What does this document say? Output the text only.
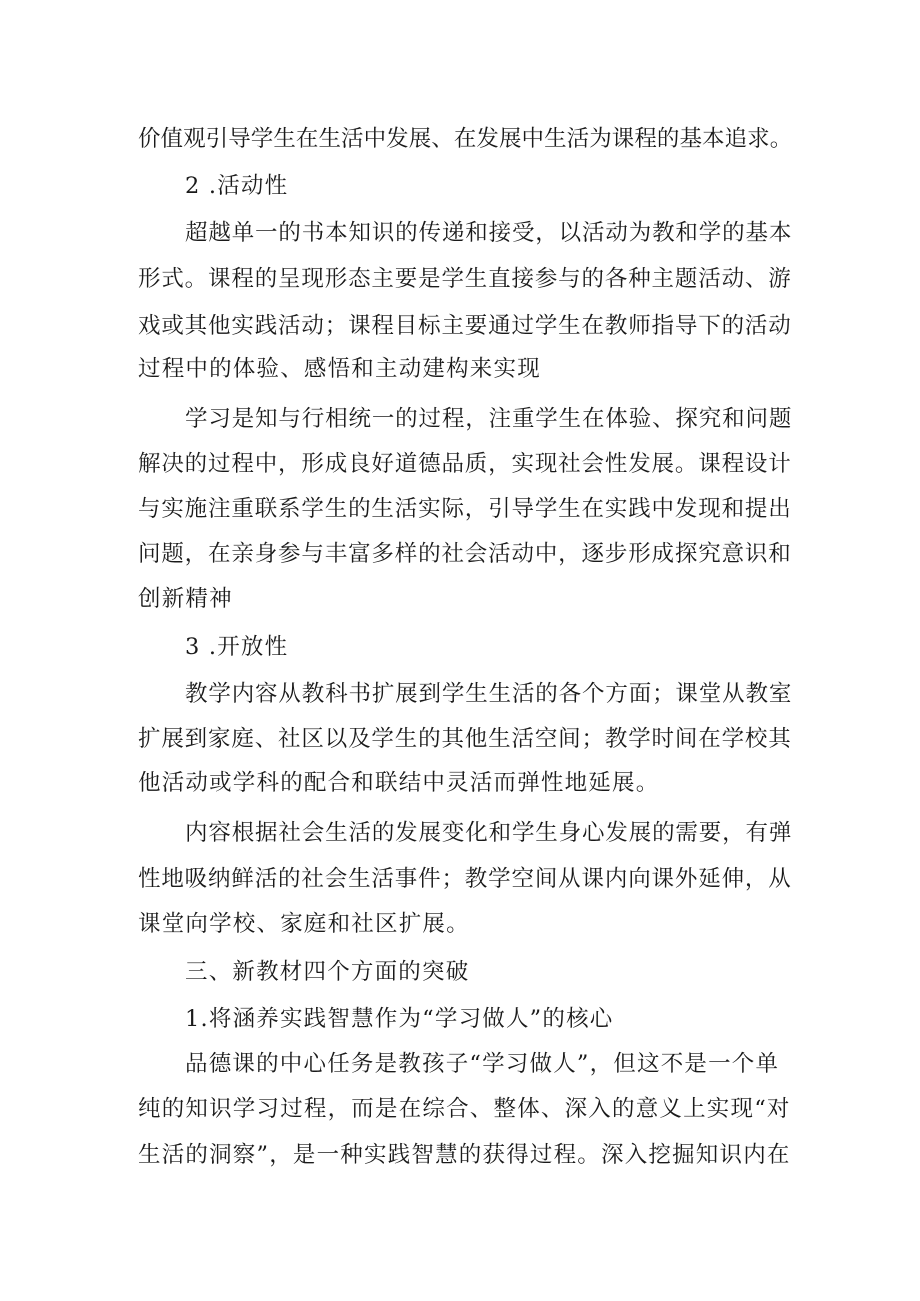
价值观引导学生在生活中发展、在发展中生活为课程的基本追求。
2 .活动性
超越单一的书本知识的传递和接受，以活动为教和学的基本
形式。课程的呈现形态主要是学生直接参与的各种主题活动、游
戏或其他实践活动；课程目标主要通过学生在教师指导下的活动
过程中的体验、感悟和主动建构来实现
学习是知与行相统一的过程，注重学生在体验、探究和问题
解决的过程中，形成良好道德品质，实现社会性发展。课程设计
与实施注重联系学生的生活实际，引导学生在实践中发现和提出
问题，在亲身参与丰富多样的社会活动中，逐步形成探究意识和
创新精神
3 .开放性
教学内容从教科书扩展到学生生活的各个方面；课堂从教室
扩展到家庭、社区以及学生的其他生活空间；教学时间在学校其
他活动或学科的配合和联结中灵活而弹性地延展。
内容根据社会生活的发展变化和学生身心发展的需要，有弹
性地吸纳鲜活的社会生活事件；教学空间从课内向课外延伸，从
课堂向学校、家庭和社区扩展。
三、新教材四个方面的突破
1.将涵养实践智慧作为“学习做人”的核心
品德课的中心任务是教孩子“学习做人”，但这不是一个单
纯的知识学习过程，而是在综合、整体、深入的意义上实现“对
生活的洞察”，是一种实践智慧的获得过程。深入挖掘知识内在
